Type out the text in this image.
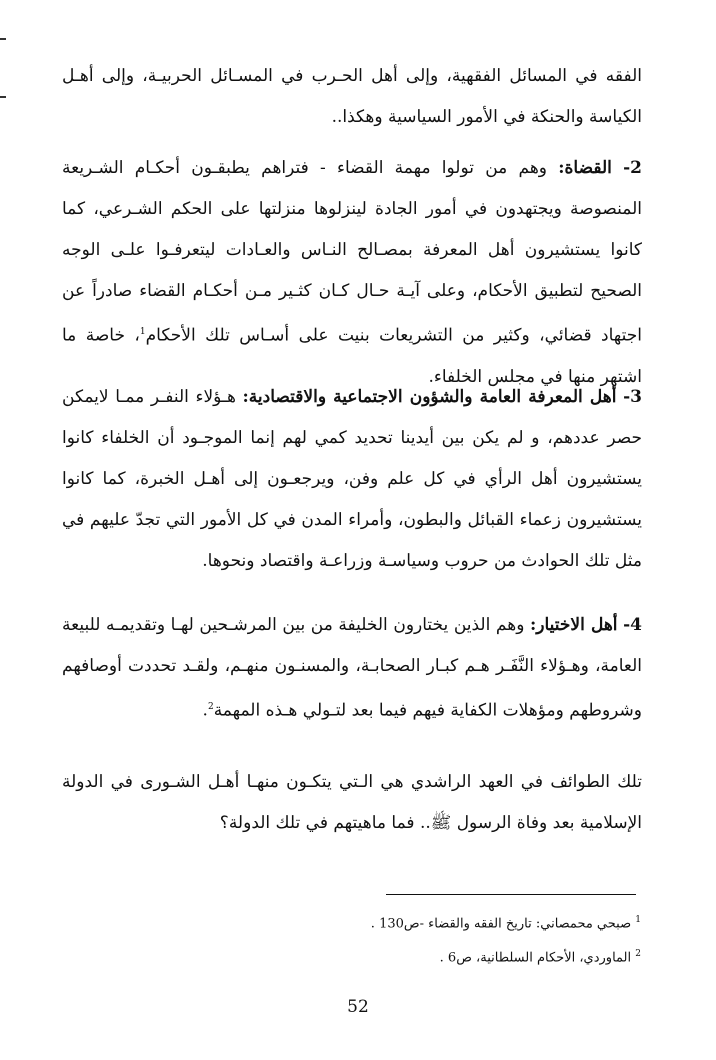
الفقه في المسائل الفقهية، وإلى أهل الحـرب في المسـائل الحربيـة، وإلى أهـل الكياسة والحنكة في الأمور السياسية وهكذا..
2- القضاة: وهم من تولوا مهمة القضاء - فتراهم يطبقـون أحكـام الشـريعة المنصوصة ويجتهدون في أمور الجادة لينزلوها منزلتها على الحكم الشـرعي، كما كانوا يستشيرون أهل المعرفة بمصـالح النـاس والعـادات ليتعرفـوا علـى الوجه الصحيح لتطبيق الأحكام، وعلى آيـة حـال كـان كثـير مـن أحكـام القضاء صادراً عن اجتهاد قضائي، وكثير من التشريعات بنيت على أسـاس تلك الأحكام$^1$، خاصة ما اشتهر منها في مجلس الخلفاء.
3- أهل المعرفة العامة والشؤون الاجتماعية والاقتصادية: هـؤلاء النفـر ممـا لايمكن حصر عددهم، و لم يكن بين أيدينا تحديد كمي لهم إنما الموجـود أن الخلفاء كانوا يستشيرون أهل الرأي في كل علم وفن، ويرجعـون إلى أهـل الخبرة، كما كانوا يستشيرون زعماء القبائل والبطون، وأمراء المدن في كل الأمور التي تجدّ عليهم في مثل تلك الحوادث من حروب وسياسـة وزراعـة واقتصاد ونحوها.
4- أهل الاختيار: وهم الذين يختارون الخليفة من بين المرشـحين لهـا وتقديمـه للبيعة العامة، وهـؤلاء النَّفَـر هـم كبـار الصحابـة، والمسنـون منهـم، ولقـد تحددت أوصافهم وشروطهم ومؤهلات الكفاية فيهم فيما بعد لتـولي هـذه المهمة$^2$.
تلك الطوائف في العهد الراشدي هي الـتي يتكـون منهـا أهـل الشـورى في الدولة الإسلامية بعد وفاة الرسول ﷺ.. فما ماهيتهم في تلك الدولة؟
$^1$ صبحي محمصاني: تاريخ الفقه والقضاء -ص130 .
$^2$ الماوردي، الأحكام السلطانية، ص6 .
52
